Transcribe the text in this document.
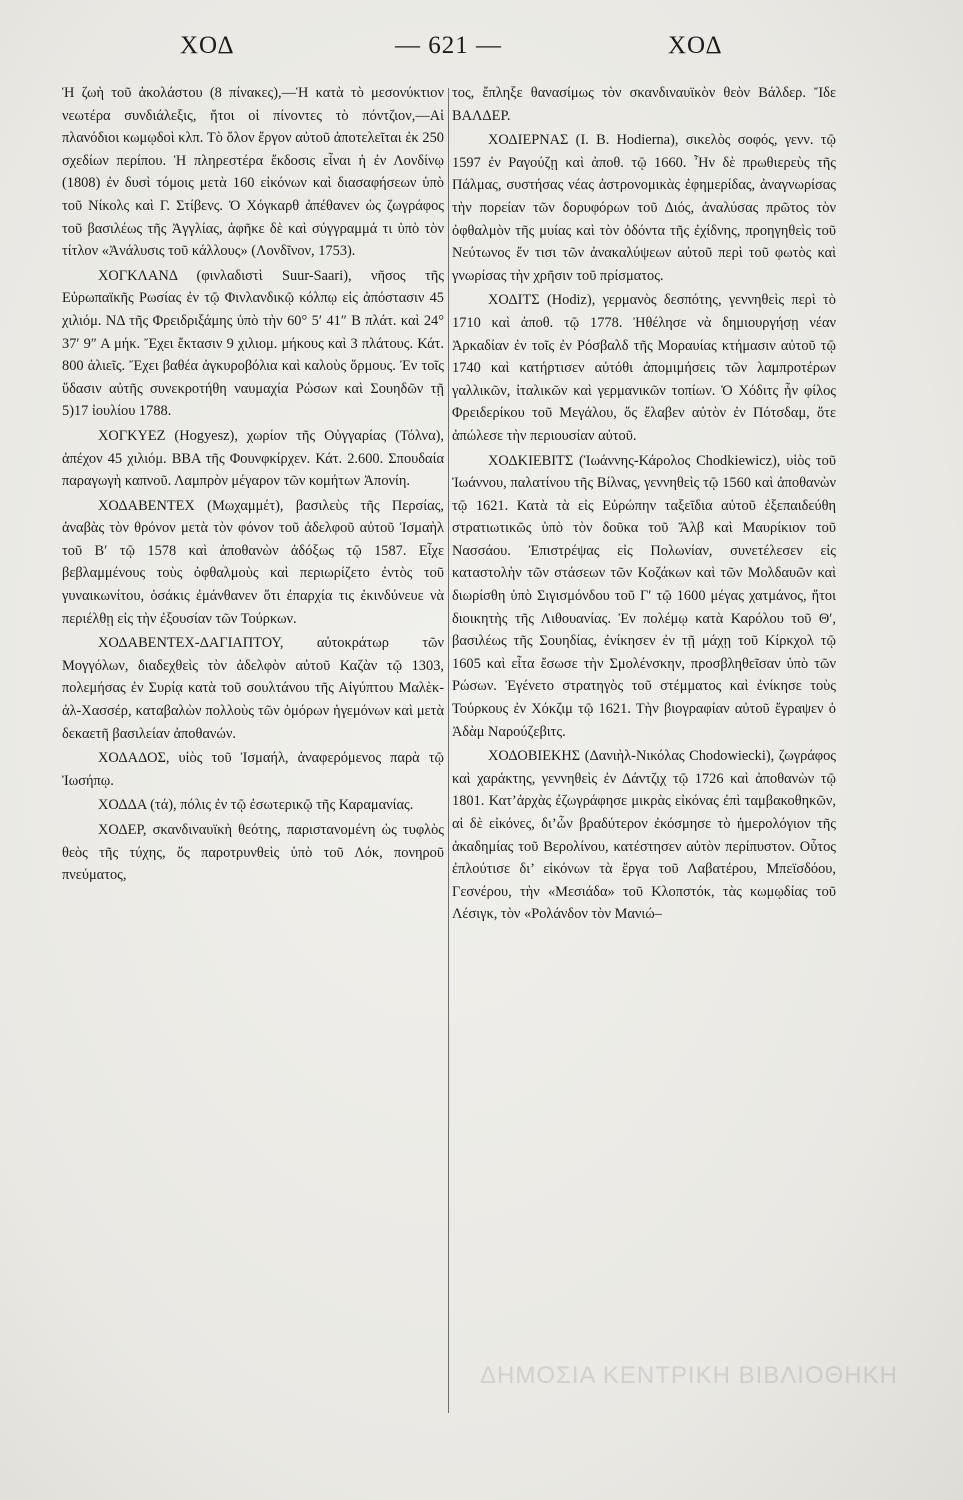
ΧΟΔ	— 621 —	ΧΟΔ

Ἡ ζωὴ τοῦ ἀκολάστου (8 πίνακες),—Ἡ κατὰ τὸ μεσονύκτιον νεωτέρα συνδιάλεξις, ἤτοι οἱ πίνοντες τὸ πόντζιον,—Αἱ πλανόδιοι κωμῳδοὶ κλπ. Τὸ ὅλον ἔργον αὐτοῦ ἀποτελεῖται ἐκ 250 σχεδίων περίπου. Ἡ πληρεστέρα ἔκδοσις εἶναι ἡ ἐν Λονδίνῳ (1808) ἐν δυσὶ τόμοις μετὰ 160 εἰκόνων καὶ διασαφήσεων ὑπὸ τοῦ Νίκολς καὶ Γ. Στίβενς. Ὁ Χόγκαρθ ἀπέθανεν ὡς ζωγράφος τοῦ βασιλέως τῆς Ἀγγλίας, ἀφῆκε δὲ καὶ σύγγραμμά τι ὑπὸ τὸν τίτλον «Ἀνάλυσις τοῦ κάλλους» (Λονδῖνον, 1753).

ΧΟΓΚΛΑΝΔ (φινλαδιστὶ Suur-Saari), νῆσος τῆς Εὐρωπαϊκῆς Ρωσίας ἐν τῷ Φινλανδικῷ κόλπῳ εἰς ἀπόστασιν 45 χιλιόμ. ΝΔ τῆς Φρειδριξάμης ὑπὸ τὴν 60° 5′ 41″ Β πλάτ. καὶ 24° 37′ 9″ Α μήκ. Ἔχει ἔκτασιν 9 χιλιομ. μήκους καὶ 3 πλάτους. Κάτ. 800 ἁλιεῖς. Ἔχει βαθέα ἀγκυροβόλια καὶ καλοὺς ὅρμους. Ἐν τοῖς ὕδασιν αὐτῆς συνεκροτήθη ναυμαχία Ρώσων καὶ Σουηδῶν τῇ 5)17 ἰουλίου 1788.

ΧΟΓΚΥΕΖ (Hogyesz), χωρίον τῆς Οὑγγαρίας (Τόλνα), ἀπέχον 45 χιλιόμ. ΒΒΑ τῆς Φουνφκίρχεν. Κάτ. 2.600. Σπουδαία παραγωγὴ καπνοῦ. Λαμπρὸν μέγαρον τῶν κομήτων Ἀπονίη.

ΧΟΔΑΒΕΝΤΕΧ (Μωχαμμέτ), βασιλεὺς τῆς Περσίας, ἀναβὰς τὸν θρόνον μετὰ τὸν φόνον τοῦ ἀδελφοῦ αὐτοῦ Ἰσμαὴλ τοῦ Β′ τῷ 1578 καὶ ἀποθανὼν ἀδόξως τῷ 1587. Εἶχε βεβλαμμένους τοὺς ὀφθαλμοὺς καὶ περιωρίζετο ἐντὸς τοῦ γυναικωνίτου, ὁσάκις ἐμάνθανεν ὅτι ἐπαρχία τις ἐκινδύνευε νὰ περιέλθῃ εἰς τὴν ἐξουσίαν τῶν Τούρκων.

ΧΟΔΑΒΕΝΤΕΧ-ΔΑΓΙΑΠΤΟΥ, αὐτοκράτωρ τῶν Μογγόλων, διαδεχθεὶς τὸν ἀδελφὸν αὐτοῦ Καζὰν τῷ 1303, πολεμήσας ἐν Συρίᾳ κατὰ τοῦ σουλτάνου τῆς Αἰγύπτου Μαλὲκ-ἀλ-Χασσέρ, καταβαλὼν πολλοὺς τῶν ὁμόρων ἡγεμόνων καὶ μετὰ δεκαετῆ βασιλείαν ἀποθανών.

ΧΟΔΑΔΟΣ, υἱὸς τοῦ Ἰσμαήλ, ἀναφερόμενος παρὰ τῷ Ἰωσήπῳ.

ΧΟΔΔΑ (τά), πόλις ἐν τῷ ἐσωτερικῷ τῆς Καραμανίας.

ΧΟΔΕΡ, σκανδιναυϊκὴ θεότης, παριστανομένη ὡς τυφλὸς θεὸς τῆς τύχης, ὅς παροτρυνθεὶς ὑπὸ τοῦ Λόκ, πονηροῦ πνεύματος,

τος, ἔπληξε θανασίμως τὸν σκανδιναυϊκὸν θεὸν Βάλδερ. Ἴδε ΒΑΛΔΕΡ.

ΧΟΔΙΕΡΝΑΣ (Ι. Β. Hodierna), σικελὸς σοφός, γενν. τῷ 1597 ἐν Ραγούζῃ καὶ ἀποθ. τῷ 1660. Ἦν δὲ πρωθιερεὺς τῆς Πάλμας, συστήσας νέας ἀστρονομικὰς ἐφημερίδας, ἀναγνωρίσας τὴν πορείαν τῶν δορυφόρων τοῦ Διός, ἀναλύσας πρῶτος τὸν ὀφθαλμὸν τῆς μυίας καὶ τὸν ὀδόντα τῆς ἐχίδνης, προηγηθεὶς τοῦ Νεύτωνος ἔν τισι τῶν ἀνακαλύψεων αὐτοῦ περὶ τοῦ φωτὸς καὶ γνωρίσας τὴν χρῆσιν τοῦ πρίσματος.

ΧΟΔΙΤΣ (Hodiz), γερμανὸς δεσπότης, γεννηθεὶς περὶ τὸ 1710 καὶ ἀποθ. τῷ 1778. Ἠθέλησε νὰ δημιουργήσῃ νέαν Ἀρκαδίαν ἐν τοῖς ἐν Ρόσβαλδ τῆς Μοραυίας κτήμασιν αὐτοῦ τῷ 1740 καὶ κατήρτισεν αὐτόθι ἀπομιμήσεις τῶν λαμπροτέρων γαλλικῶν, ἰταλικῶν καὶ γερμανικῶν τοπίων. Ὁ Χόδιτς ἦν φίλος Φρειδερίκου τοῦ Μεγάλου, ὅς ἔλαβεν αὐτὸν ἐν Πότσδαμ, ὅτε ἀπώλεσε τὴν περιουσίαν αὐτοῦ.

ΧΟΔΚΙΕΒΙΤΣ (Ἰωάννης-Κάρολος Chodkiewicz), υἱὸς τοῦ Ἰωάννου, παλατίνου τῆς Βίλνας, γεννηθεὶς τῷ 1560 καὶ ἀποθανὼν τῷ 1621. Κατὰ τὰ εἰς Εὐρώπην ταξεῖδια αὐτοῦ ἐξεπαιδεύθη στρατιωτικῶς ὑπὸ τὸν δοῦκα τοῦ Ἄλβ καὶ Μαυρίκιον τοῦ Νασσάου. Ἐπιστρέψας εἰς Πολωνίαν, συνετέλεσεν εἰς καταστολὴν τῶν στάσεων τῶν Κοζάκων καὶ τῶν Μολδαυῶν καὶ διωρίσθη ὑπὸ Σιγισμόνδου τοῦ Γ′ τῷ 1600 μέγας χατμάνος, ἤτοι διοικητὴς τῆς Λιθουανίας. Ἐν πολέμῳ κατὰ Καρόλου τοῦ Θ′, βασιλέως τῆς Σουηδίας, ἐνίκησεν ἐν τῇ μάχῃ τοῦ Κίρκχολ τῷ 1605 καὶ εἶτα ἔσωσε τὴν Σμολένσκην, προσβληθεῖσαν ὑπὸ τῶν Ρώσων. Ἐγένετο στρατηγὸς τοῦ στέμματος καὶ ἐνίκησε τοὺς Τούρκους ἐν Χόκζιμ τῷ 1621. Τὴν βιογραφίαν αὐτοῦ ἔγραψεν ὁ Ἀδὰμ Ναρούζεβιτς.

ΧΟΔΟΒΙΕΚΗΣ (Δανιὴλ-Νικόλας Chodowiecki), ζωγράφος καὶ χαράκτης, γεννηθεὶς ἐν Δάντζιχ τῷ 1726 καὶ ἀποθανὼν τῷ 1801. Κατ’ἀρχὰς ἐζωγράφησε μικρὰς εἰκόνας ἐπὶ ταμβακοθηκῶν, αἱ δὲ εἰκόνες, δι’ὧν βραδύτερον ἐκόσμησε τὸ ἡμερολόγιον τῆς ἀκαδημίας τοῦ Βερολίνου, κατέστησεν αὐτὸν περίπυστον. Οὗτος ἐπλούτισε δι’ εἰκόνων τὰ ἔργα τοῦ Λαβατέρου, Μπεϊσδόου, Γεσνέρου, τὴν «Μεσιάδα» τοῦ Κλοπστόκ, τὰς κωμῳδίας τοῦ Λέσιγκ, τὸν «Ρολάνδον τὸν Μανιώ–

ΔΗΜΟΣΙΑ ΚΕΝΤΡΙΚΗ ΒΙΒΛΙΟΘΗΚΗ
